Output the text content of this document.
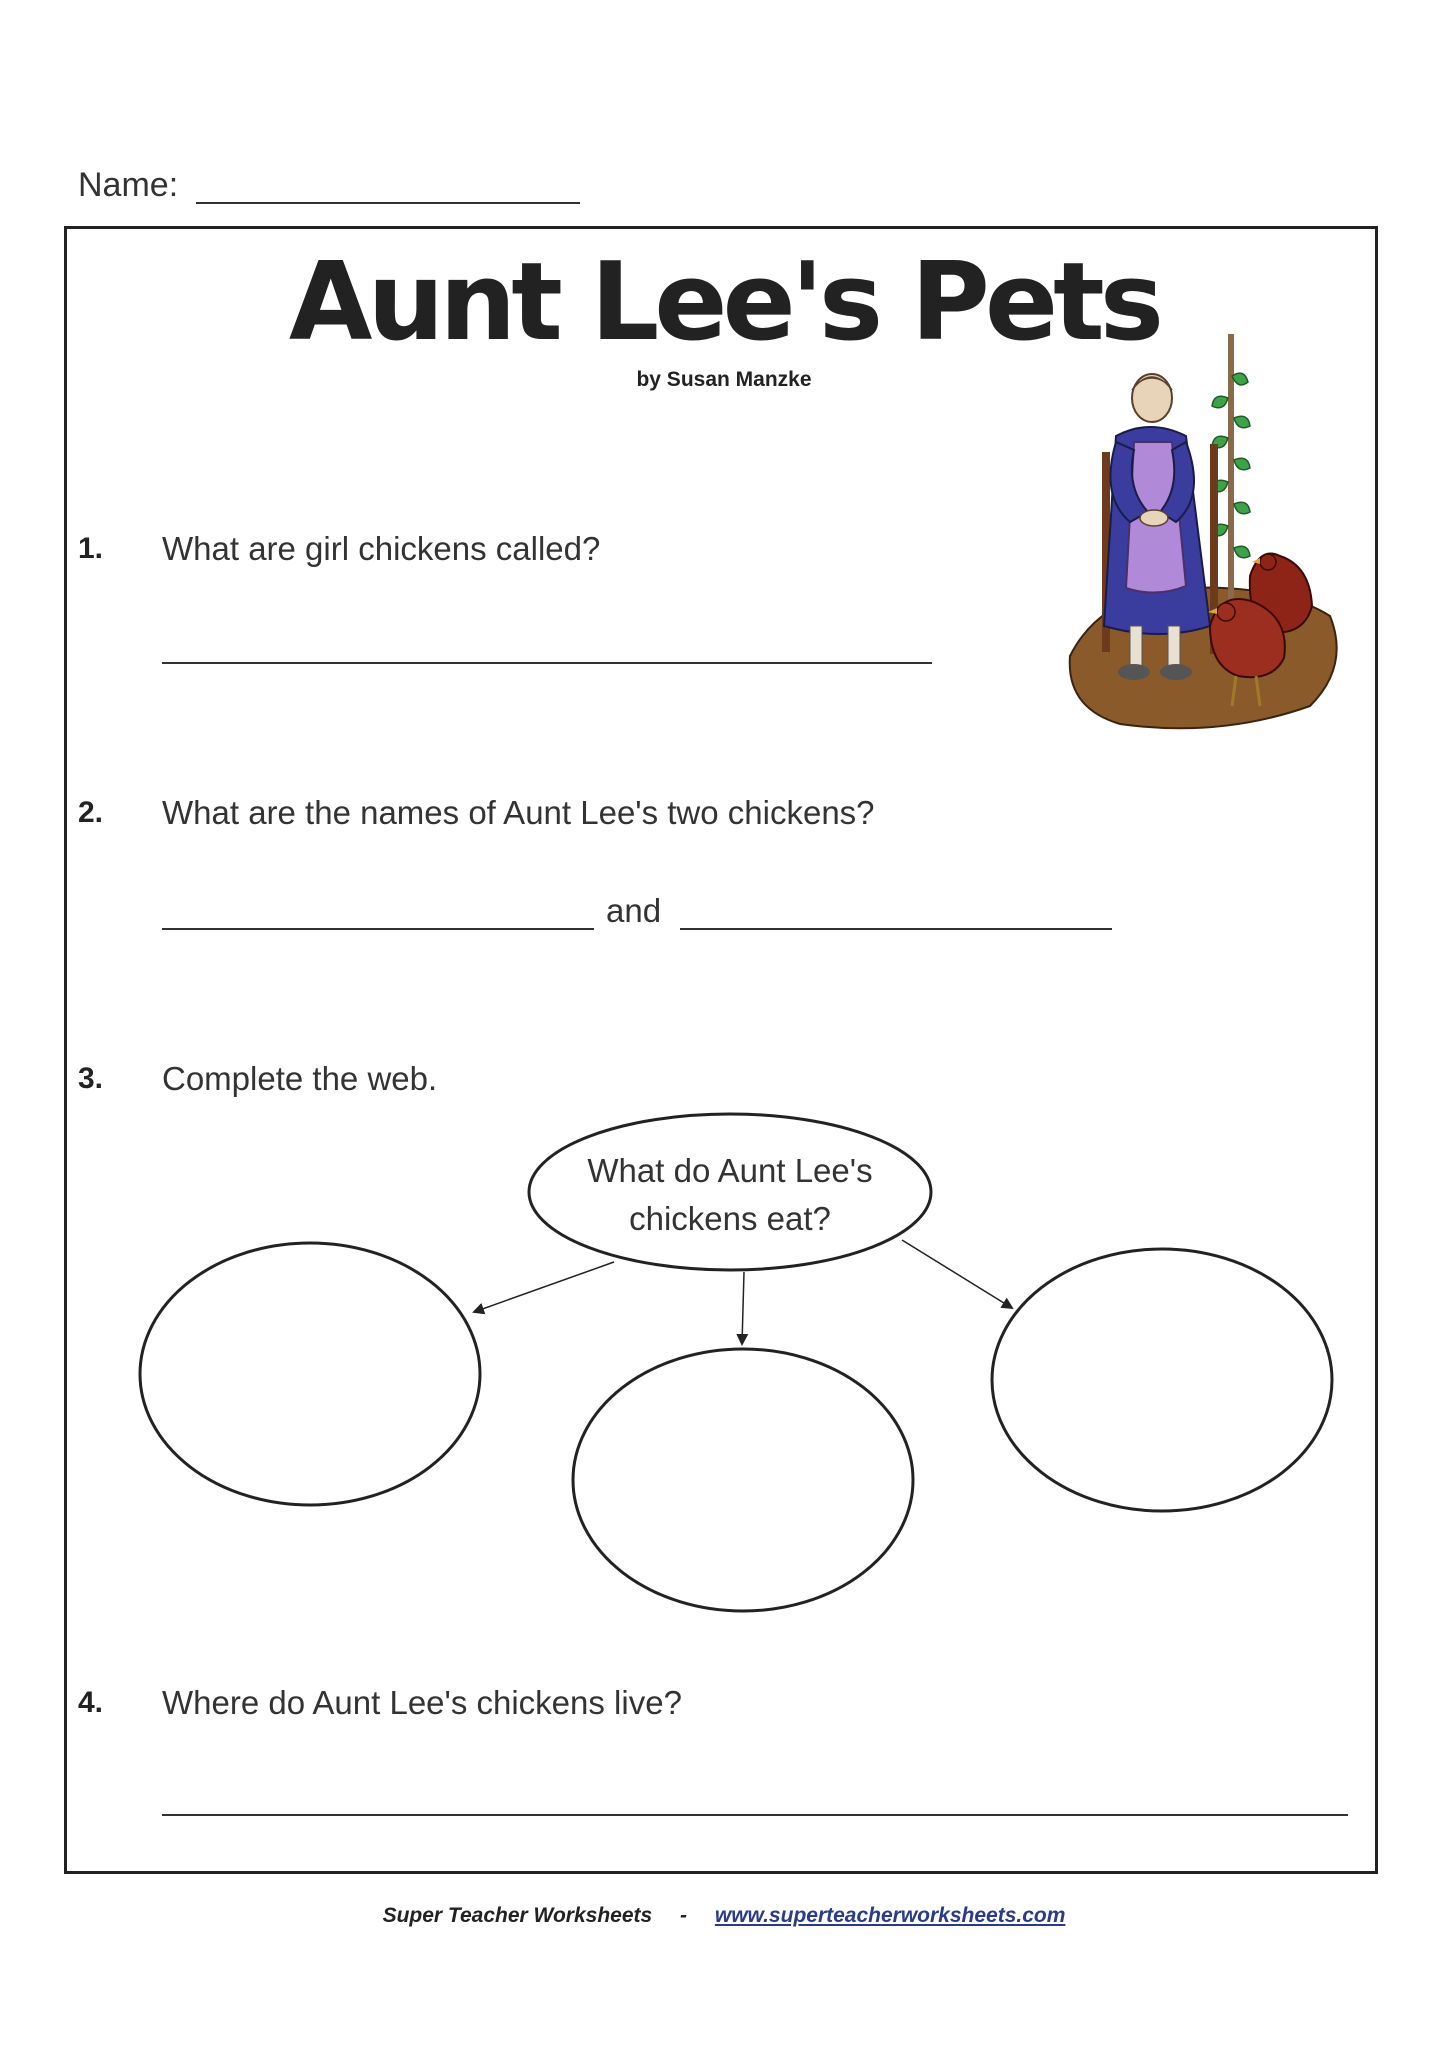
Name:
Aunt Lee's Pets
by Susan Manzke
1. What are girl chickens called?
2. What are the names of Aunt Lee's two chickens?
and
3. Complete the web.
What do Aunt Lee's
chickens eat?
4. Where do Aunt Lee's chickens live?
Super Teacher Worksheets - www.superteacherworksheets.com
